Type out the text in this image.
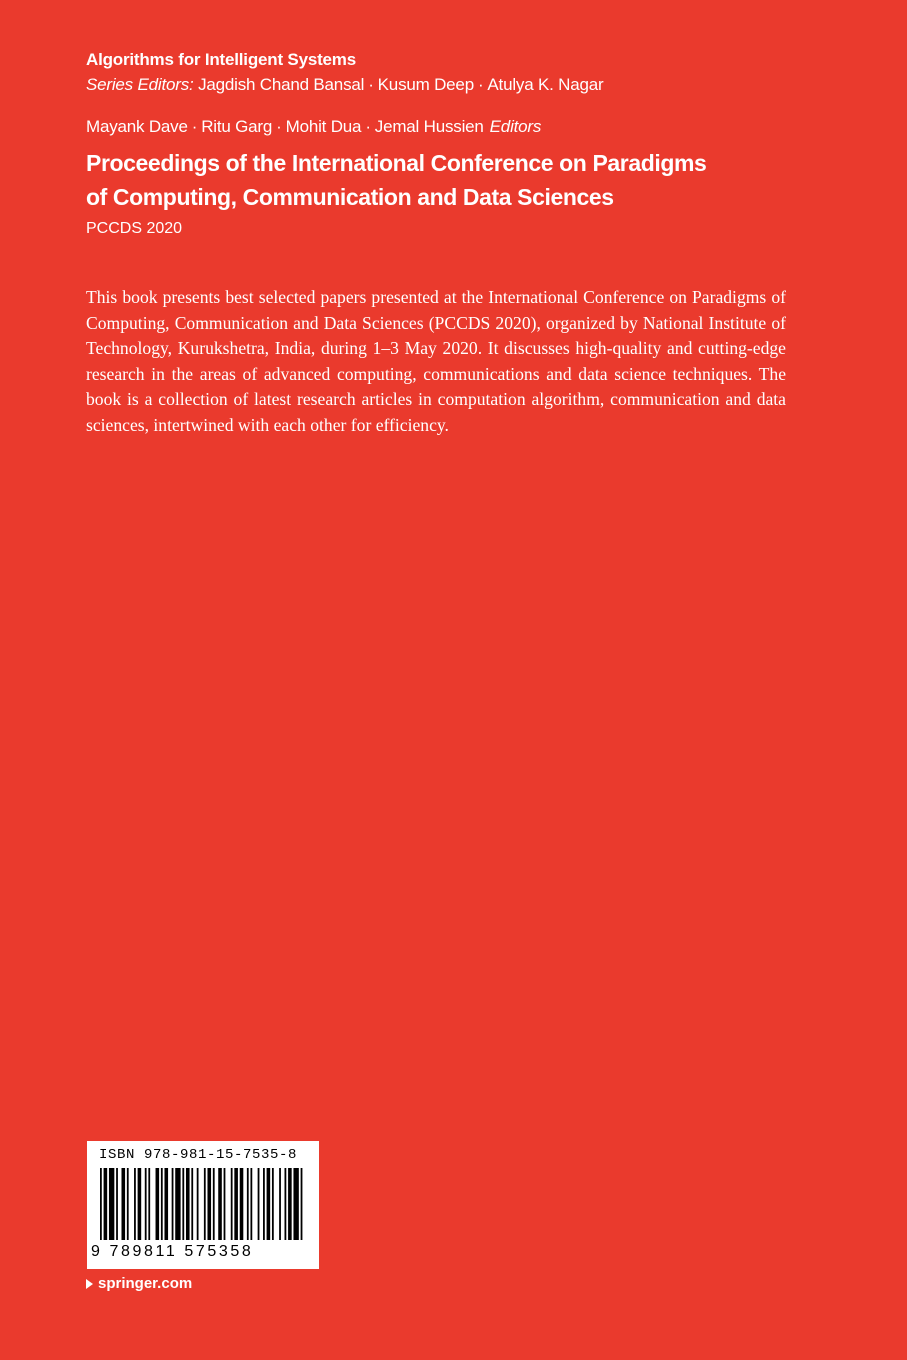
Algorithms for Intelligent Systems
Series Editors: Jagdish Chand Bansal · Kusum Deep · Atulya K. Nagar
Mayank Dave · Ritu Garg · Mohit Dua · Jemal Hussien Editors
Proceedings of the International Conference on Paradigms
of Computing, Communication and Data Sciences
PCCDS 2020

This book presents best selected papers presented at the International Conference on Paradigms of Computing, Communication and Data Sciences (PCCDS 2020), organized by National Institute of Technology, Kurukshetra, India, during 1–3 May 2020. It discusses high-quality and cutting-edge research in the areas of advanced computing, communications and data science techniques. The book is a collection of latest research articles in computation algorithm, communication and data sciences, intertwined with each other for efficiency.

ISBN 978-981-15-7535-8
9 789811 575358
springer.com
